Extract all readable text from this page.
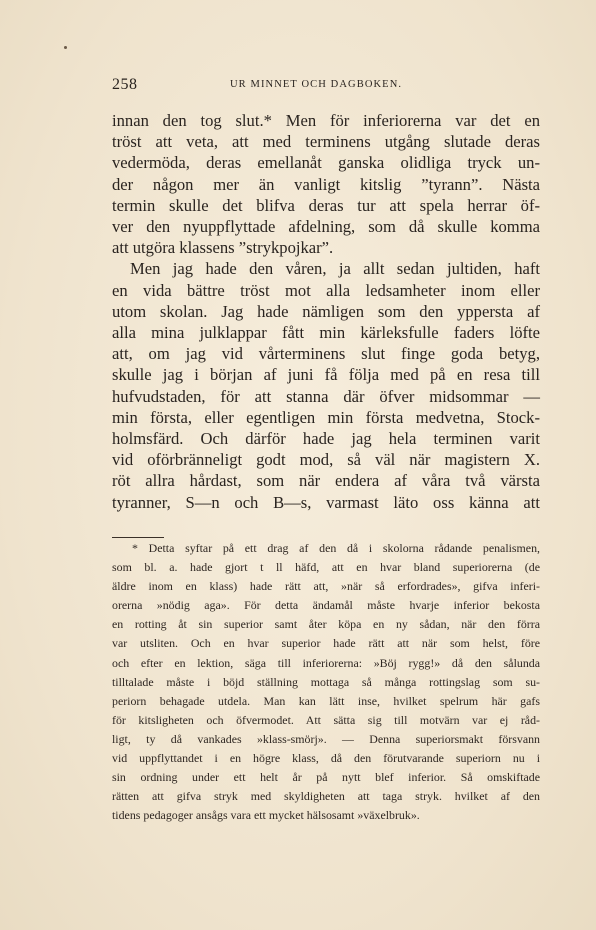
258	UR MINNET OCH DAGBOKEN.
innan den tog slut.* Men för inferiorerna var det en
tröst att veta, att med terminens utgång slutade deras
vedermöda, deras emellanåt ganska olidliga tryck un-
der någon mer än vanligt kitslig ”tyrann”. Nästa
termin skulle det blifva deras tur att spela herrar öf-
ver den nyuppflyttade afdelning, som då skulle komma
att utgöra klassens ”strykpojkar”.
Men jag hade den våren, ja allt sedan jultiden, haft
en vida bättre tröst mot alla ledsamheter inom eller
utom skolan. Jag hade nämligen som den yppersta af
alla mina julklappar fått min kärleksfulle faders löfte
att, om jag vid vårterminens slut finge goda betyg,
skulle jag i början af juni få följa med på en resa till
hufvudstaden, för att stanna där öfver midsommar —
min första, eller egentligen min första medvetna, Stock-
holmsfärd. Och därför hade jag hela terminen varit
vid oförbränneligt godt mod, så väl när magistern X.
röt allra hårdast, som när endera af våra två värsta
tyranner, S—n och B—s, varmast läto oss känna att
* Detta syftar på ett drag af den då i skolorna rådande penalismen,
som bl. a. hade gjort t ll häfd, att en hvar bland superiorerna (de
äldre inom en klass) hade rätt att, »när så erfordrades», gifva inferi-
orerna »nödig aga». För detta ändamål måste hvarje inferior bekosta
en rotting åt sin superior samt åter köpa en ny sådan, när den förra
var utsliten. Och en hvar superior hade rätt att när som helst, före
och efter en lektion, säga till inferiorerna: »Böj rygg!» då den sålunda
tilltalade måste i böjd ställning mottaga så många rottingslag som su-
periorn behagade utdela. Man kan lätt inse, hvilket spelrum här gafs
för kitsligheten och öfvermodet. Att sätta sig till motvärn var ej råd-
ligt, ty då vankades »klass-smörj». — Denna superiorsmakt försvann
vid uppflyttandet i en högre klass, då den förutvarande superiorn nu i
sin ordning under ett helt år på nytt blef inferior. Så omskiftade
rätten att gifva stryk med skyldigheten att taga stryk. hvilket af den
tidens pedagoger ansågs vara ett mycket hälsosamt »växelbruk».
